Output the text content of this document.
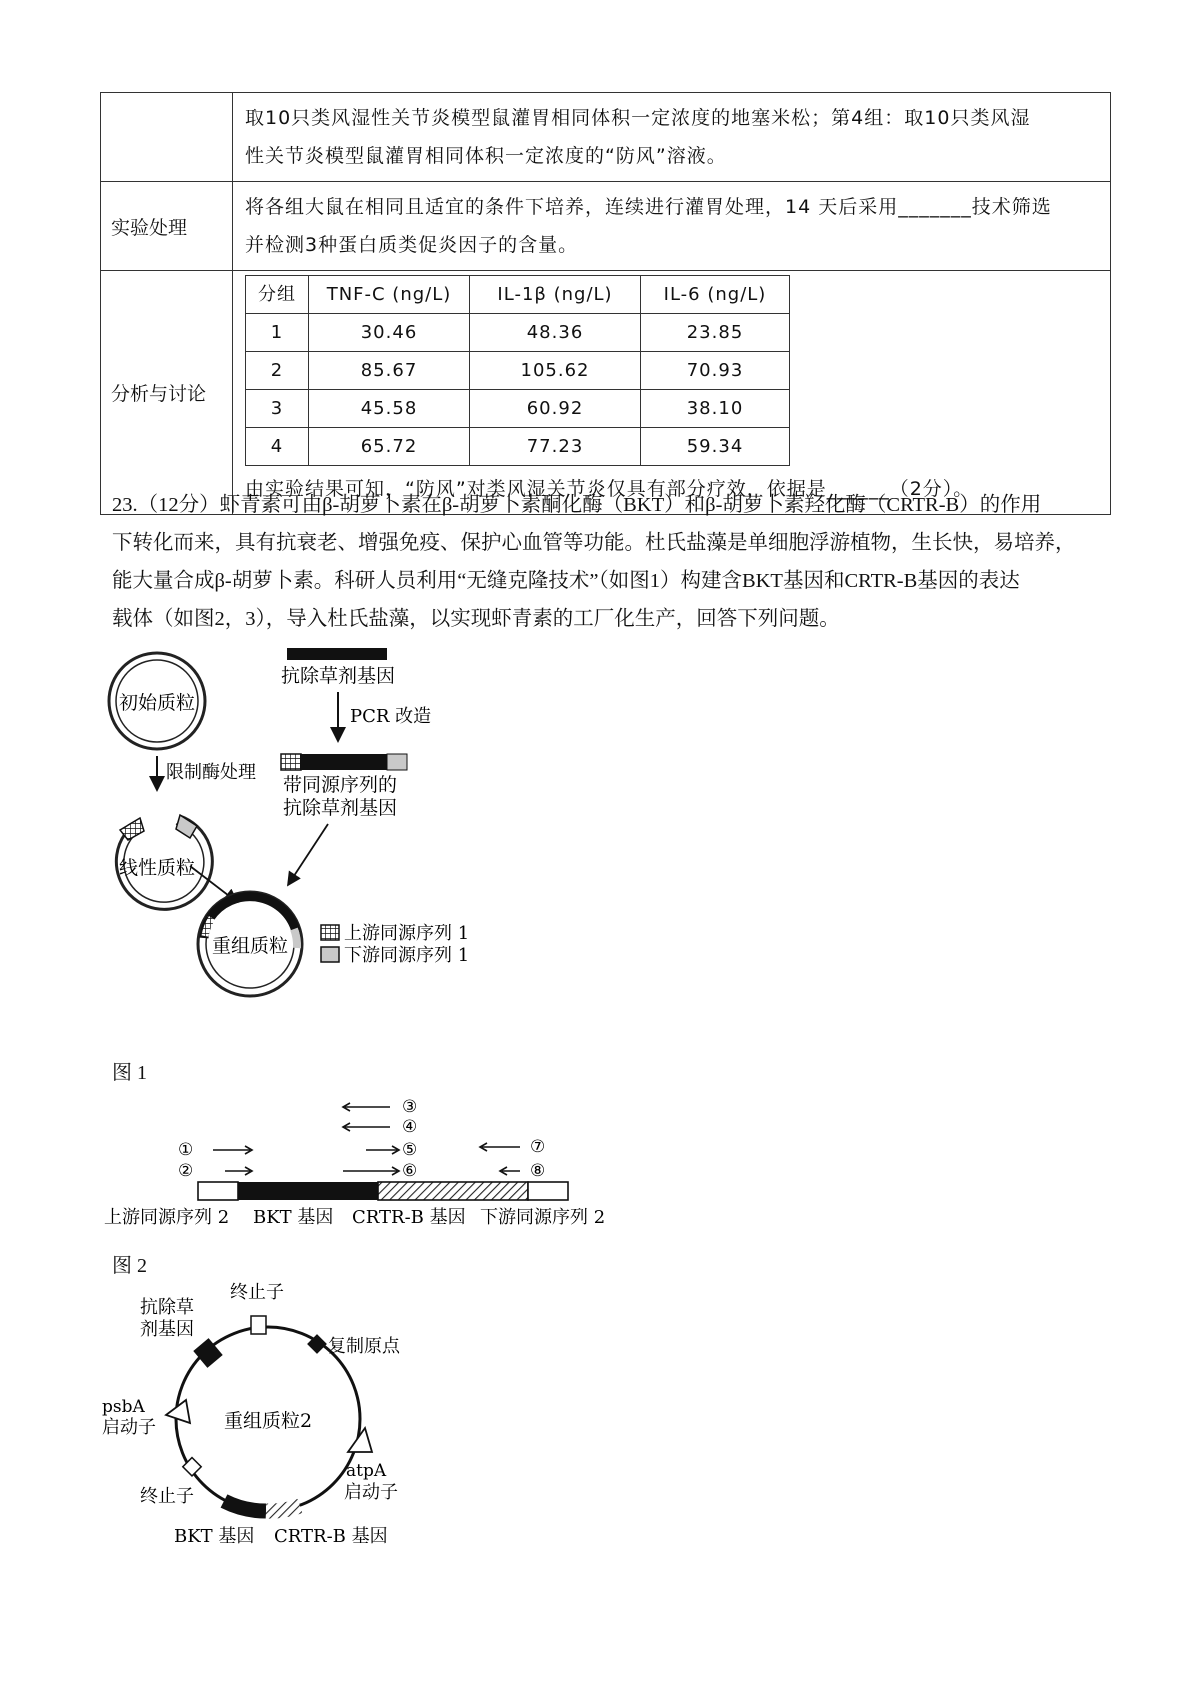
取10只类风湿性关节炎模型鼠灌胃相同体积一定浓度的地塞米松；第4组：取10只类风湿
性关节炎模型鼠灌胃相同体积一定浓度的“防风”溶液。

实验处理	
将各组大鼠在相同且适宜的条件下培养，连续进行灌胃处理，14 天后采用_______技术筛选
并检测3种蛋白质类促炎因子的含量。

分析与讨论	
分组	TNF-C (ng/L)	IL-1β (ng/L)	IL-6 (ng/L)
1	30.46	48.36	23.85
2	85.67	105.62	70.93
3	45.58	60.92	38.10
4	65.72	77.23	59.34
由实验结果可知，“防风”对类风湿关节炎仅具有部分疗效，依据是______（2分）。
23.（12分）虾青素可由β-胡萝卜素在β-胡萝卜素酮化酶（BKT）和β-胡萝卜素羟化酶（CRTR-B）的作用
下转化而来，具有抗衰老、增强免疫、保护心血管等功能。杜氏盐藻是单细胞浮游植物，生长快，易培养，
能大量合成β-胡萝卜素。科研人员利用“无缝克隆技术”（如图1）构建含BKT基因和CRTR-B基因的表达
载体（如图2，3），导入杜氏盐藻，以实现虾青素的工厂化生产，回答下列问题。
初始质粒
限制酶处理
线性质粒
抗除草剂基因
PCR 改造
带同源序列的
抗除草剂基因
重组质粒
上游同源序列 1
下游同源序列 1
图 1
③
④
⑤
⑥
①
②
⑦
⑧
上游同源序列 2 BKT 基因 CRTR-B 基因 下游同源序列 2
图 2
抗除草
剂基因
终止子
复制原点
psbA
启动子	重组质粒2
atpA
启动子
终止子
BKT 基因 CRTR-B 基因
